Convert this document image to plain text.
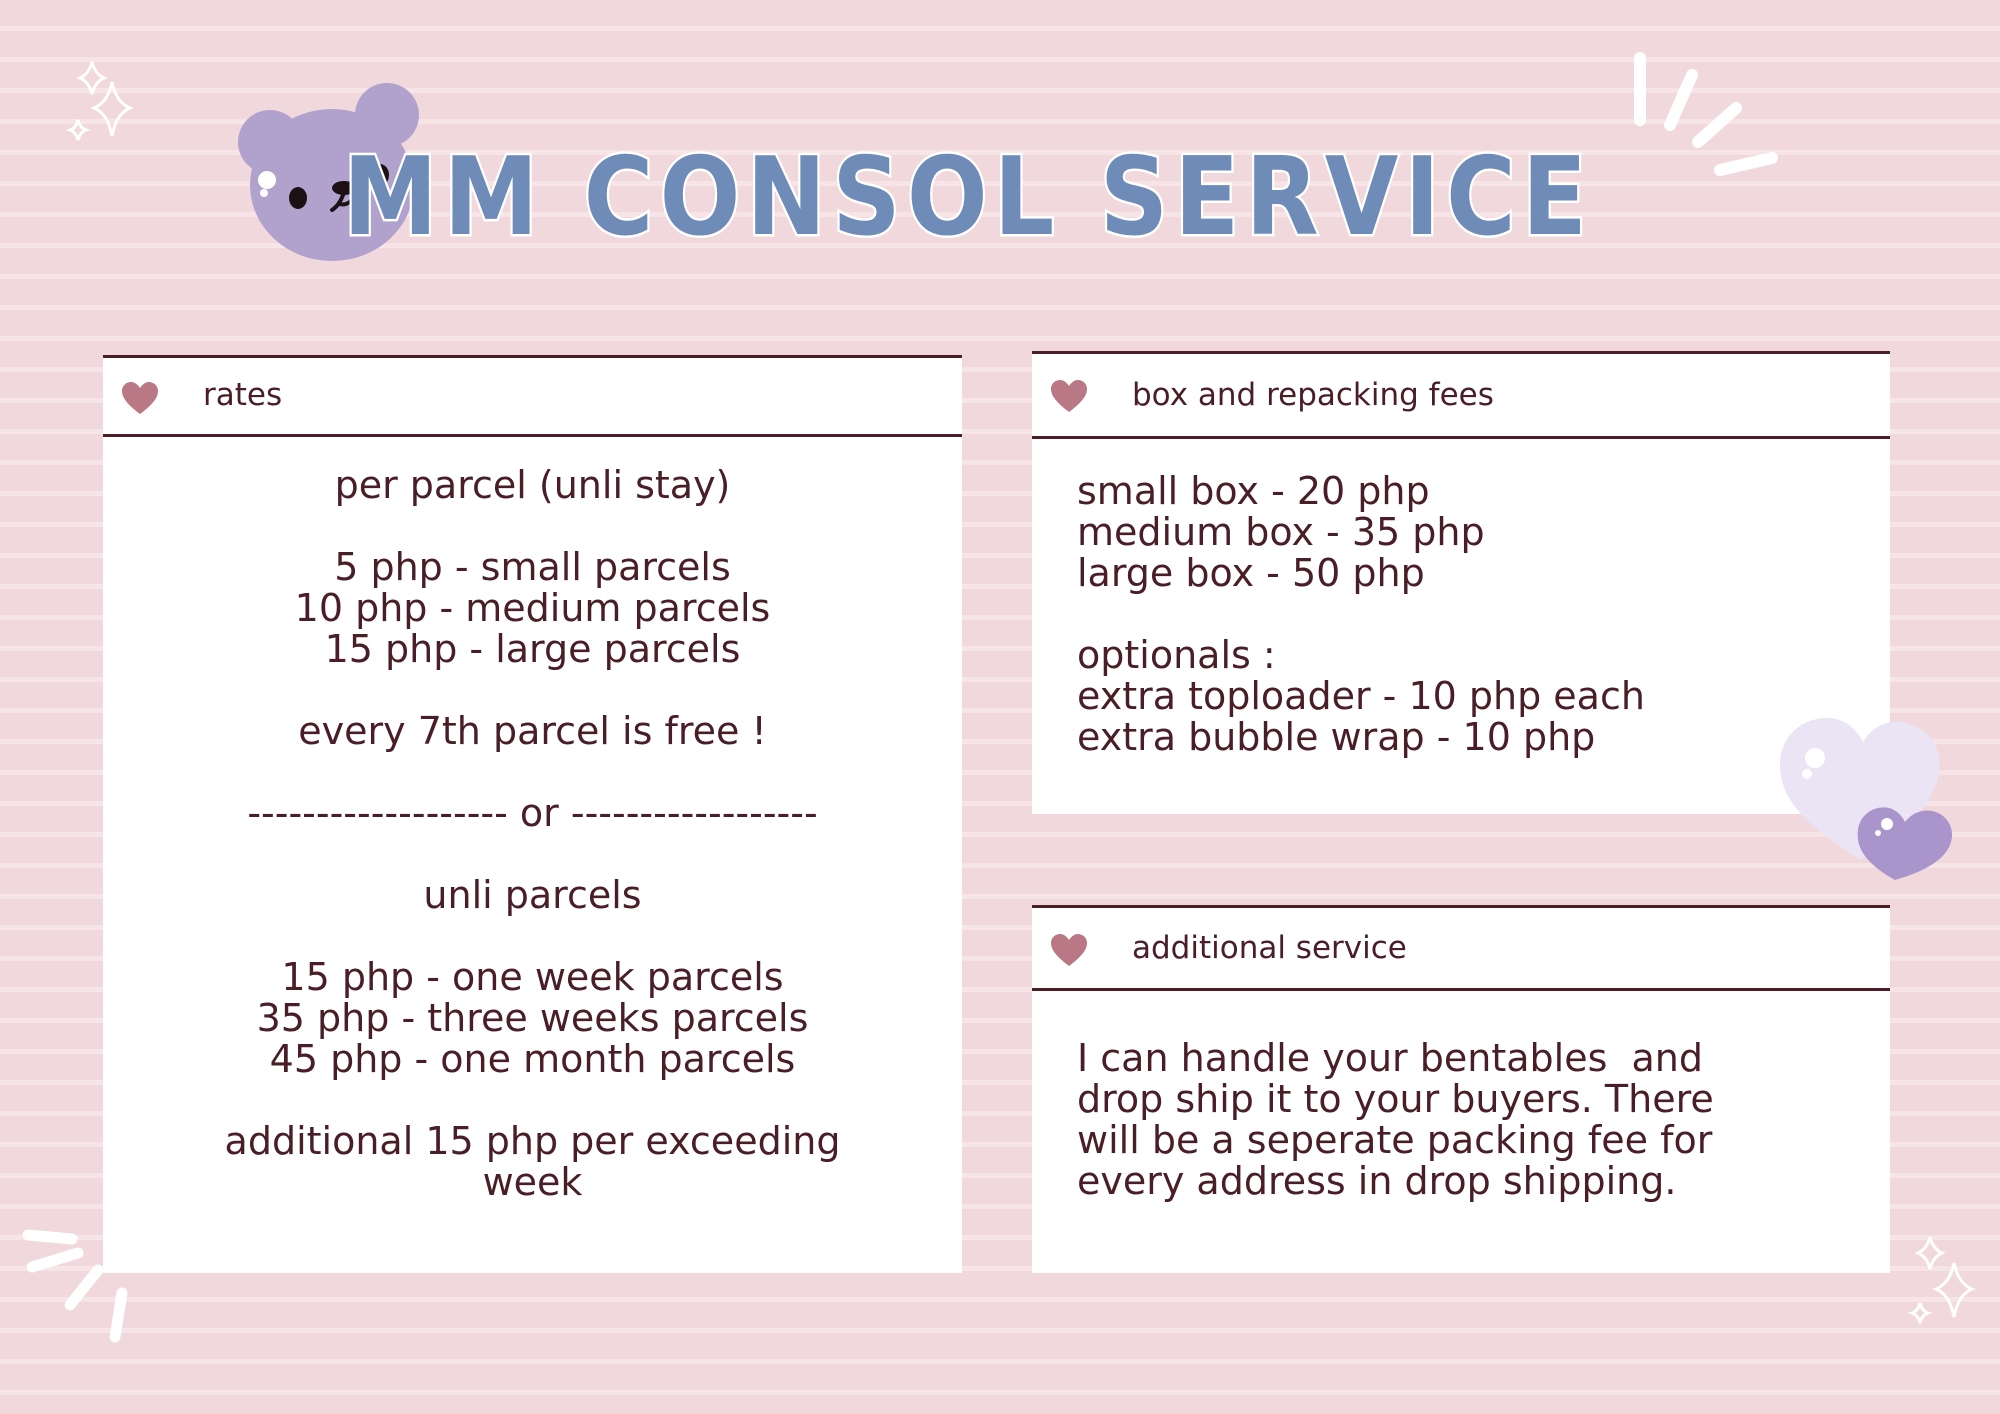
MM CONSOL SERVICE
rates
per parcel (unli stay)
5 php - small parcels
10 php - medium parcels
15 php - large parcels
every 7th parcel is free !
------------------- or ------------------
unli parcels
15 php - one week parcels
35 php - three weeks parcels
45 php - one month parcels
additional 15 php per exceeding
week
box and repacking fees
small box - 20 php
medium box - 35 php
large box - 50 php
optionals :
extra toploader - 10 php each
extra bubble wrap - 10 php
additional service
I can handle your bentables  and
drop ship it to your buyers. There
will be a seperate packing fee for
every address in drop shipping.
